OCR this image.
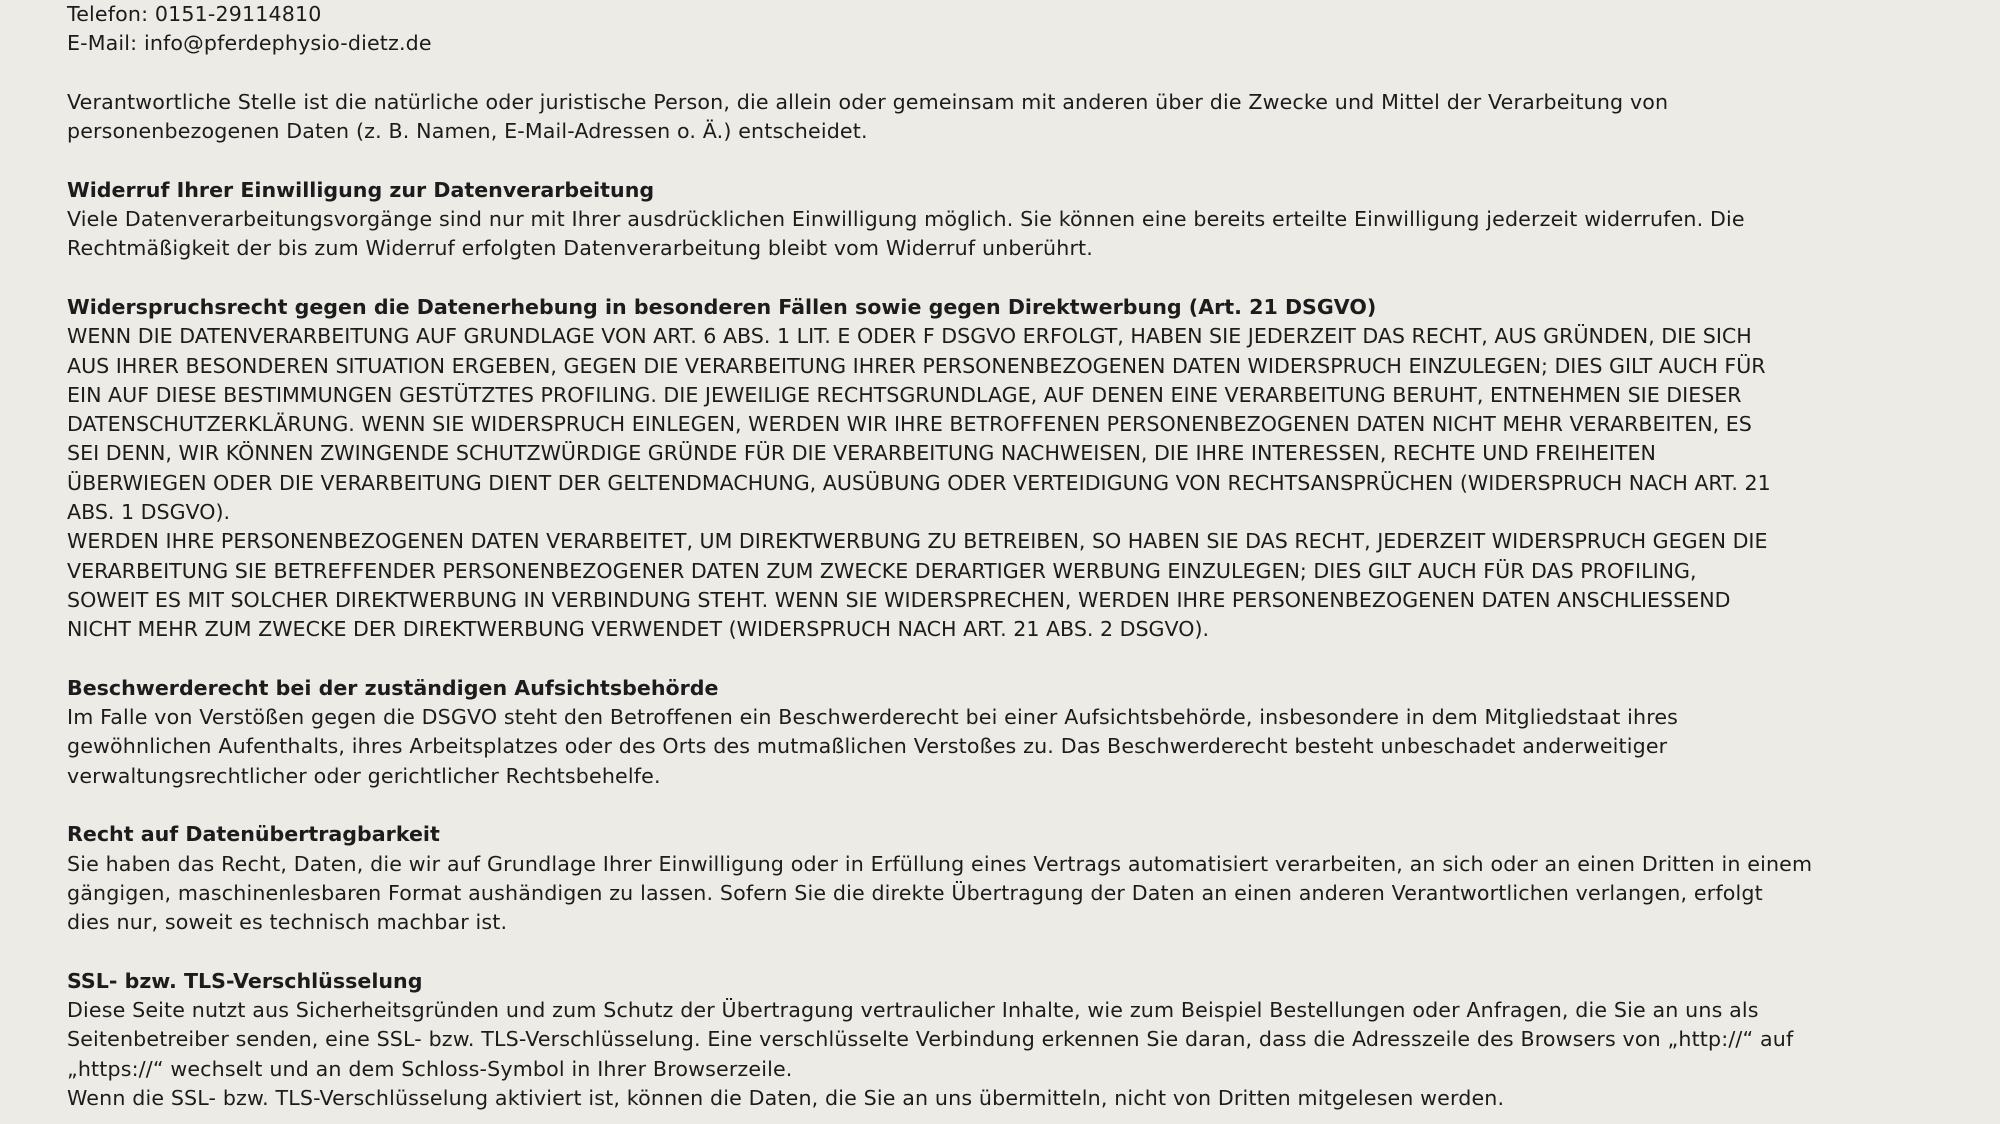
Telefon: 0151-29114810
E-Mail: info@pferdephysio-dietz.de

Verantwortliche Stelle ist die natürliche oder juristische Person, die allein oder gemeinsam mit anderen über die Zwecke und Mittel der Verarbeitung von
personenbezogenen Daten (z. B. Namen, E-Mail-Adressen o. Ä.) entscheidet.

Widerruf Ihrer Einwilligung zur Datenverarbeitung
Viele Datenverarbeitungsvorgänge sind nur mit Ihrer ausdrücklichen Einwilligung möglich. Sie können eine bereits erteilte Einwilligung jederzeit widerrufen. Die
Rechtmäßigkeit der bis zum Widerruf erfolgten Datenverarbeitung bleibt vom Widerruf unberührt.

Widerspruchsrecht gegen die Datenerhebung in besonderen Fällen sowie gegen Direktwerbung (Art. 21 DSGVO)
WENN DIE DATENVERARBEITUNG AUF GRUNDLAGE VON ART. 6 ABS. 1 LIT. E ODER F DSGVO ERFOLGT, HABEN SIE JEDERZEIT DAS RECHT, AUS GRÜNDEN, DIE SICH
AUS IHRER BESONDEREN SITUATION ERGEBEN, GEGEN DIE VERARBEITUNG IHRER PERSONENBEZOGENEN DATEN WIDERSPRUCH EINZULEGEN; DIES GILT AUCH FÜR
EIN AUF DIESE BESTIMMUNGEN GESTÜTZTES PROFILING. DIE JEWEILIGE RECHTSGRUNDLAGE, AUF DENEN EINE VERARBEITUNG BERUHT, ENTNEHMEN SIE DIESER
DATENSCHUTZERKLÄRUNG. WENN SIE WIDERSPRUCH EINLEGEN, WERDEN WIR IHRE BETROFFENEN PERSONENBEZOGENEN DATEN NICHT MEHR VERARBEITEN, ES
SEI DENN, WIR KÖNNEN ZWINGENDE SCHUTZWÜRDIGE GRÜNDE FÜR DIE VERARBEITUNG NACHWEISEN, DIE IHRE INTERESSEN, RECHTE UND FREIHEITEN
ÜBERWIEGEN ODER DIE VERARBEITUNG DIENT DER GELTENDMACHUNG, AUSÜBUNG ODER VERTEIDIGUNG VON RECHTSANSPRÜCHEN (WIDERSPRUCH NACH ART. 21
ABS. 1 DSGVO).
WERDEN IHRE PERSONENBEZOGENEN DATEN VERARBEITET, UM DIREKTWERBUNG ZU BETREIBEN, SO HABEN SIE DAS RECHT, JEDERZEIT WIDERSPRUCH GEGEN DIE
VERARBEITUNG SIE BETREFFENDER PERSONENBEZOGENER DATEN ZUM ZWECKE DERARTIGER WERBUNG EINZULEGEN; DIES GILT AUCH FÜR DAS PROFILING,
SOWEIT ES MIT SOLCHER DIREKTWERBUNG IN VERBINDUNG STEHT. WENN SIE WIDERSPRECHEN, WERDEN IHRE PERSONENBEZOGENEN DATEN ANSCHLIESSEND
NICHT MEHR ZUM ZWECKE DER DIREKTWERBUNG VERWENDET (WIDERSPRUCH NACH ART. 21 ABS. 2 DSGVO).

Beschwerderecht bei der zuständigen Aufsichtsbehörde
Im Falle von Verstößen gegen die DSGVO steht den Betroffenen ein Beschwerderecht bei einer Aufsichtsbehörde, insbesondere in dem Mitgliedstaat ihres
gewöhnlichen Aufenthalts, ihres Arbeitsplatzes oder des Orts des mutmaßlichen Verstoßes zu. Das Beschwerderecht besteht unbeschadet anderweitiger
verwaltungsrechtlicher oder gerichtlicher Rechtsbehelfe.

Recht auf Datenübertragbarkeit
Sie haben das Recht, Daten, die wir auf Grundlage Ihrer Einwilligung oder in Erfüllung eines Vertrags automatisiert verarbeiten, an sich oder an einen Dritten in einem
gängigen, maschinenlesbaren Format aushändigen zu lassen. Sofern Sie die direkte Übertragung der Daten an einen anderen Verantwortlichen verlangen, erfolgt
dies nur, soweit es technisch machbar ist.

SSL- bzw. TLS-Verschlüsselung
Diese Seite nutzt aus Sicherheitsgründen und zum Schutz der Übertragung vertraulicher Inhalte, wie zum Beispiel Bestellungen oder Anfragen, die Sie an uns als
Seitenbetreiber senden, eine SSL- bzw. TLS-Verschlüsselung. Eine verschlüsselte Verbindung erkennen Sie daran, dass die Adresszeile des Browsers von „http://“ auf
„https://“ wechselt und an dem Schloss-Symbol in Ihrer Browserzeile.
Wenn die SSL- bzw. TLS-Verschlüsselung aktiviert ist, können die Daten, die Sie an uns übermitteln, nicht von Dritten mitgelesen werden.
